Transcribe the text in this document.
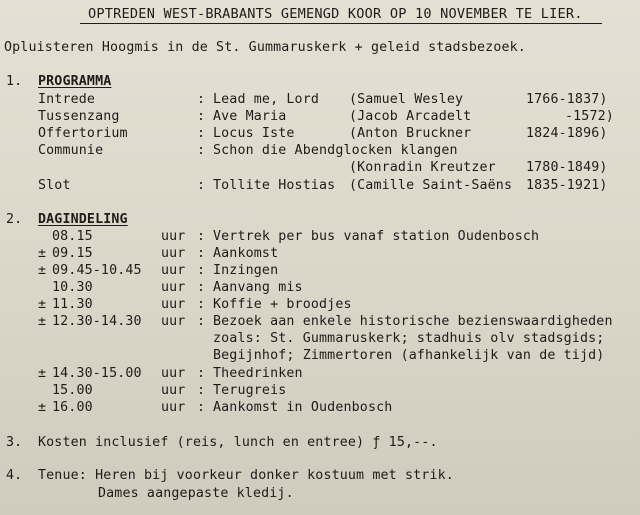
OPTREDEN WEST-BRABANTS GEMENGD KOOR OP 10 NOVEMBER TE LIER.
Opluisteren Hoogmis in de St. Gummaruskerk + geleid stadsbezoek.
1. PROGRAMMA
Intrede	: Lead me, Lord (Samuel Wesley	1766-1837)
Tussenzang	: Ave Maria	(Jacob Arcadelt	-1572)
Offertorium	: Locus Iste	(Anton Bruckner	1824-1896)
Communie	: Schon die Abendglocken klangen
(Konradin Kreutzer 1780-1849)
Slot	: Tollite Hostias (Camille Saint-Saëns 1835-1921)
2. DAGINDELING
08.15	uur : Vertrek per bus vanaf station Oudenbosch
± 09.15	uur : Aankomst
± 09.45-10.45 uur : Inzingen
10.30	uur : Aanvang mis
± 11.30	uur : Koffie + broodjes
± 12.30-14.30 uur : Bezoek aan enkele historische bezienswaardigheden
zoals: St. Gummaruskerk; stadhuis olv stadsgids;
Begijnhof; Zimmertoren (afhankelijk van de tijd)
± 14.30-15.00 uur : Theedrinken
15.00	uur : Terugreis
± 16.00	uur : Aankomst in Oudenbosch
3. Kosten inclusief (reis, lunch en entree) ƒ 15,--.
4. Tenue: Heren bij voorkeur donker kostuum met strik.
Dames aangepaste kledij.
